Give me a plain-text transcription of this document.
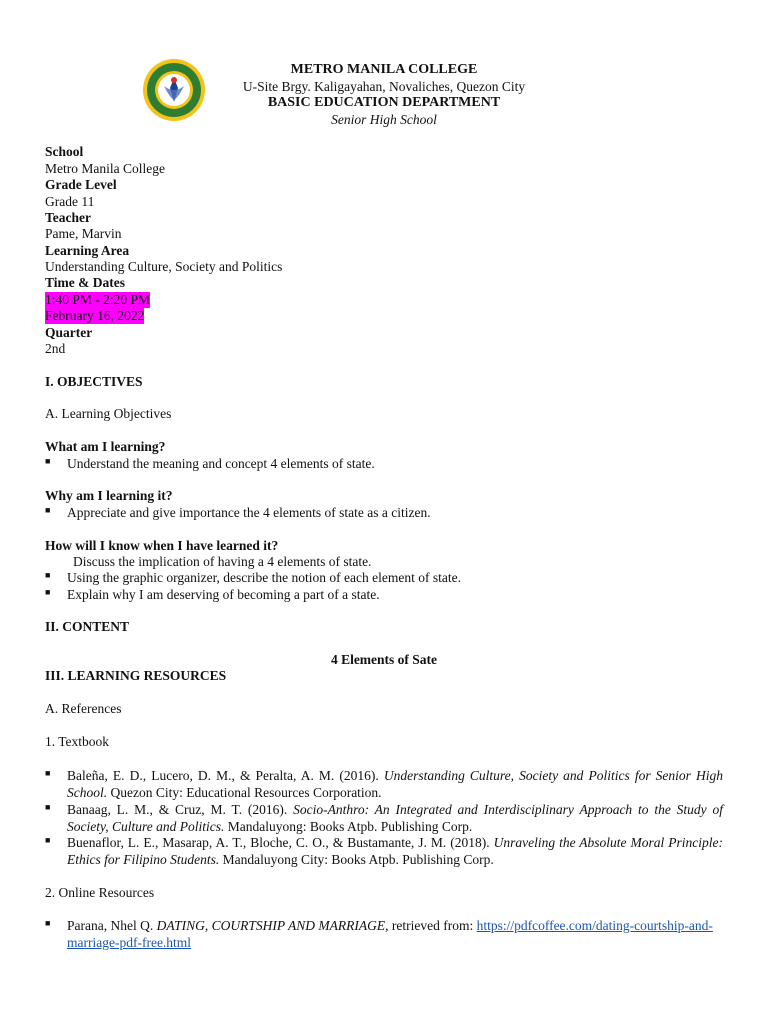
METRO MANILA COLLEGE
U-Site Brgy. Kaligayahan, Novaliches, Quezon City
BASIC EDUCATION DEPARTMENT
Senior High School
School
Metro Manila College
Grade Level
Grade 11
Teacher
Pame, Marvin
Learning Area
Understanding Culture, Society and Politics
Time & Dates
1:40 PM - 2:20 PM
February 16, 2022
Quarter
2nd
I. OBJECTIVES
A. Learning Objectives
What am I learning?
■ Understand the meaning and concept 4 elements of state.
Why am I learning it?
■ Appreciate and give importance the 4 elements of state as a citizen.
How will I know when I have learned it?
Discuss the implication of having a 4 elements of state.
■ Using the graphic organizer, describe the notion of each element of state.
■ Explain why I am deserving of becoming a part of a state.
II. CONTENT
4 Elements of Sate
III. LEARNING RESOURCES
A. References
1. Textbook
■ Baleña, E. D., Lucero, D. M., & Peralta, A. M. (2016). Understanding Culture, Society and Politics for Senior High School. Quezon City: Educational Resources Corporation.
■ Banaag, L. M., & Cruz, M. T. (2016). Socio-Anthro: An Integrated and Interdisciplinary Approach to the Study of Society, Culture and Politics. Mandaluyong: Books Atpb. Publishing Corp.
■ Buenaflor, L. E., Masarap, A. T., Bloche, C. O., & Bustamante, J. M. (2018). Unraveling the Absolute Moral Principle: Ethics for Filipino Students. Mandaluyong City: Books Atpb. Publishing Corp.
2. Online Resources
■ Parana, Nhel Q. DATING, COURTSHIP AND MARRIAGE, retrieved from: https://pdfcoffee.com/dating-courtship-and-marriage-pdf-free.html
